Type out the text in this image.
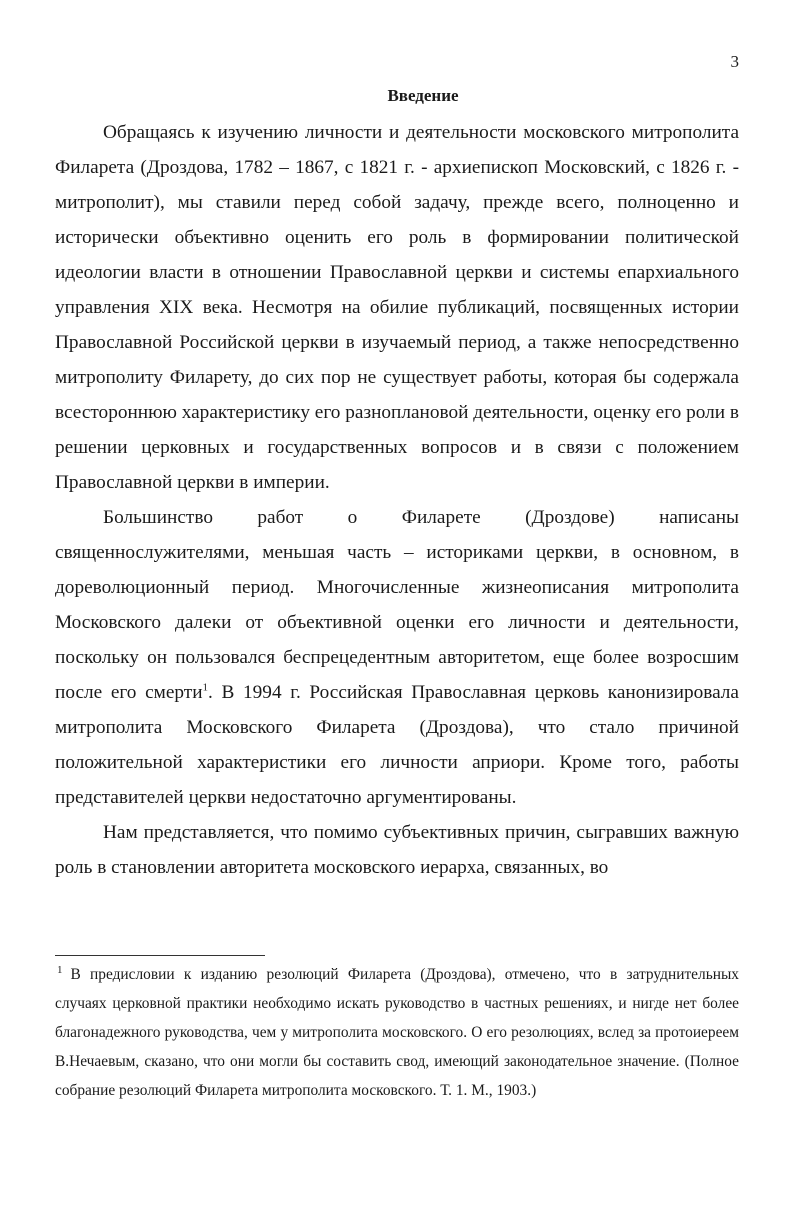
3
Введение

Обращаясь к изучению личности и деятельности московского митрополита Филарета (Дроздова, 1782 – 1867, с 1821 г. - архиепископ Московский, с 1826 г. - митрополит), мы ставили перед собой задачу, прежде всего, полноценно и исторически объективно оценить его роль в формировании политической идеологии власти в отношении Православной церкви и системы епархиального управления XIX века. Несмотря на обилие публикаций, посвященных истории Православной Российской церкви в изучаемый период, а также непосредственно митрополиту Филарету, до сих пор не существует работы, которая бы содержала всестороннюю характеристику его разноплановой деятельности, оценку его роли в решении церковных и государственных вопросов и в связи с положением Православной церкви в империи.

Большинство работ о Филарете (Дроздове) написаны священнослужителями, меньшая часть – историками церкви, в основном, в дореволюционный период. Многочисленные жизнеописания митрополита Московского далеки от объективной оценки его личности и деятельности, поскольку он пользовался беспрецедентным авторитетом, еще более возросшим после его смерти$^1$. В 1994 г. Российская Православная церковь канонизировала митрополита Московского Филарета (Дроздова), что стало причиной положительной характеристики его личности априори. Кроме того, работы представителей церкви недостаточно аргументированы.

Нам представляется, что помимо субъективных причин, сыгравших важную роль в становлении авторитета московского иерарха, связанных, во

$^1$ В предисловии к изданию резолюций Филарета (Дроздова), отмечено, что в затруднительных случаях церковной практики необходимо искать руководство в частных решениях, и нигде нет более благонадежного руководства, чем у митрополита московского. О его резолюциях, вслед за протоиереем В.Нечаевым, сказано, что они могли бы составить свод, имеющий законодательное значение. (Полное собрание резолюций Филарета митрополита московского. Т. 1. М., 1903.)
